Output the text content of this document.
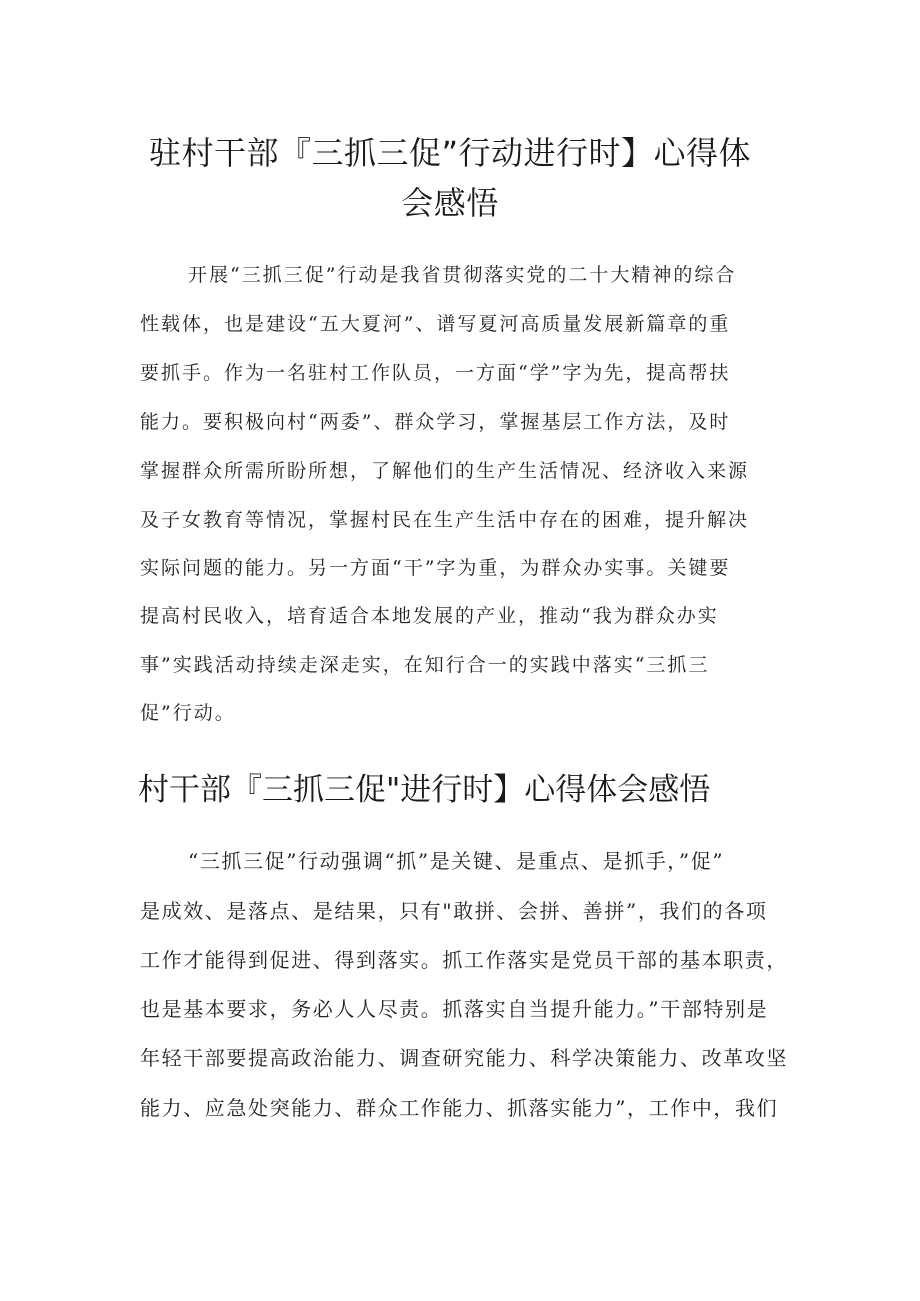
驻村干部『三抓三促”行动进行时】心得体
会感悟

开展“三抓三促”行动是我省贯彻落实党的二十大精神的综合

性载体，也是建设“五大夏河”、谱写夏河高质量发展新篇章的重

要抓手。作为一名驻村工作队员，一方面“学”字为先，提高帮扶

能力。要积极向村“两委”、群众学习，掌握基层工作方法，及时

掌握群众所需所盼所想，了解他们的生产生活情况、经济收入来源

及子女教育等情况，掌握村民在生产生活中存在的困难，提升解决

实际问题的能力。另一方面“干”字为重，为群众办实事。关键要

提高村民收入，培育适合本地发展的产业，推动“我为群众办实

事”实践活动持续走深走实，在知行合一的实践中落实“三抓三

促”行动。

村干部『三抓三促"进行时】心得体会感悟

“三抓三促”行动强调“抓”是关键、是重点、是抓手，”促”

是成效、是落点、是结果，只有"敢拼、会拼、善拼”，我们的各项

工作才能得到促进、得到落实。抓工作落实是党员干部的基本职责，

也是基本要求，务必人人尽责。抓落实自当提升能力。”干部特别是

年轻干部要提高政治能力、调查研究能力、科学决策能力、改革攻坚

能力、应急处突能力、群众工作能力、抓落实能力”，工作中，我们
